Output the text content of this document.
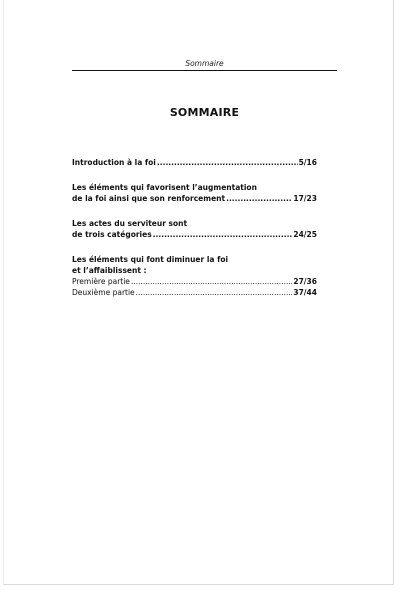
Sommaire
SOMMAIRE
Introduction à la foi .....	5/16
Les éléments qui favorisent l’augmentation
de la foi ainsi que son renforcement .....	17/23
Les actes du serviteur sont
de trois catégories .....	24/25
Les éléments qui font diminuer la foi
et l’affaiblissent :
Première partie .....	27/36
Deuxième partie .....	37/44
